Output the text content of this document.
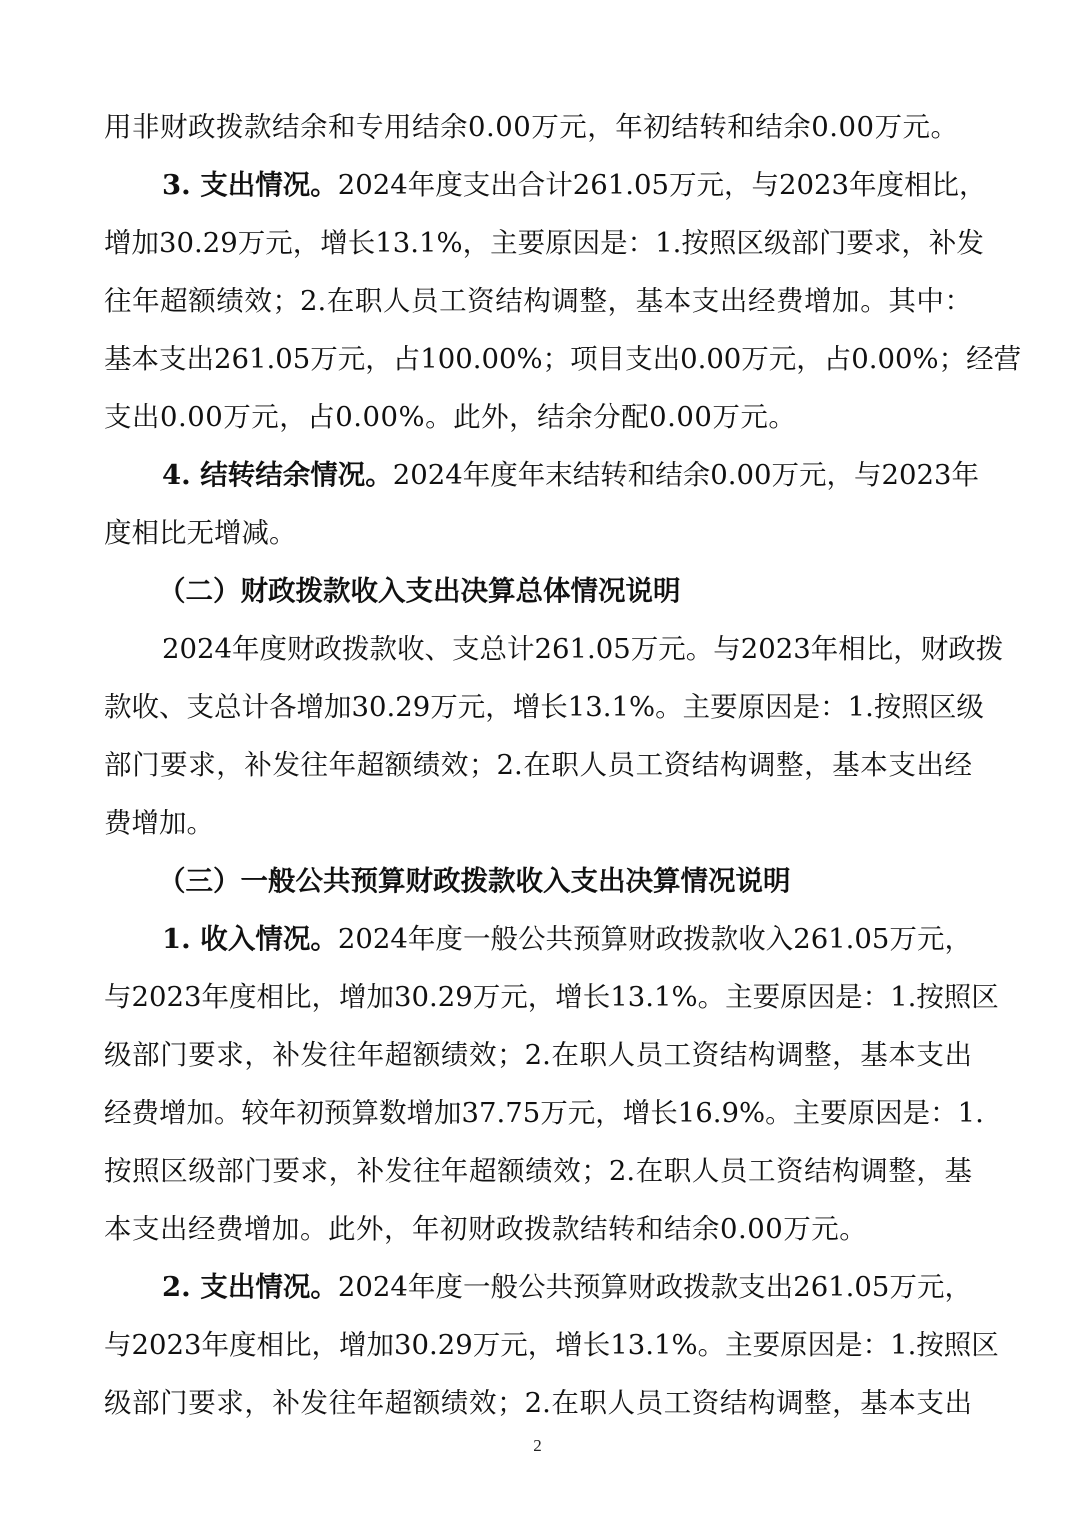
用非财政拨款结余和专用结余0.00万元，年初结转和结余0.00万元。
3. 支出情况。2024年度支出合计261.05万元，与2023年度相比，
增加30.29万元，增长13.1%，主要原因是：1.按照区级部门要求，补发
往年超额绩效；2.在职人员工资结构调整，基本支出经费增加。其中：
基本支出261.05万元，占100.00%；项目支出0.00万元，占0.00%；经营
支出0.00万元，占0.00%。此外，结余分配0.00万元。
4. 结转结余情况。2024年度年末结转和结余0.00万元，与2023年
度相比无增减。
（二）财政拨款收入支出决算总体情况说明
2024年度财政拨款收、支总计261.05万元。与2023年相比，财政拨
款收、支总计各增加30.29万元，增长13.1%。主要原因是：1.按照区级
部门要求，补发往年超额绩效；2.在职人员工资结构调整，基本支出经
费增加。
（三）一般公共预算财政拨款收入支出决算情况说明
1. 收入情况。2024年度一般公共预算财政拨款收入261.05万元，
与2023年度相比，增加30.29万元，增长13.1%。主要原因是：1.按照区
级部门要求，补发往年超额绩效；2.在职人员工资结构调整，基本支出
经费增加。较年初预算数增加37.75万元，增长16.9%。主要原因是：1.
按照区级部门要求，补发往年超额绩效；2.在职人员工资结构调整，基
本支出经费增加。此外，年初财政拨款结转和结余0.00万元。
2. 支出情况。2024年度一般公共预算财政拨款支出261.05万元，
与2023年度相比，增加30.29万元，增长13.1%。主要原因是：1.按照区
级部门要求，补发往年超额绩效；2.在职人员工资结构调整，基本支出
2
